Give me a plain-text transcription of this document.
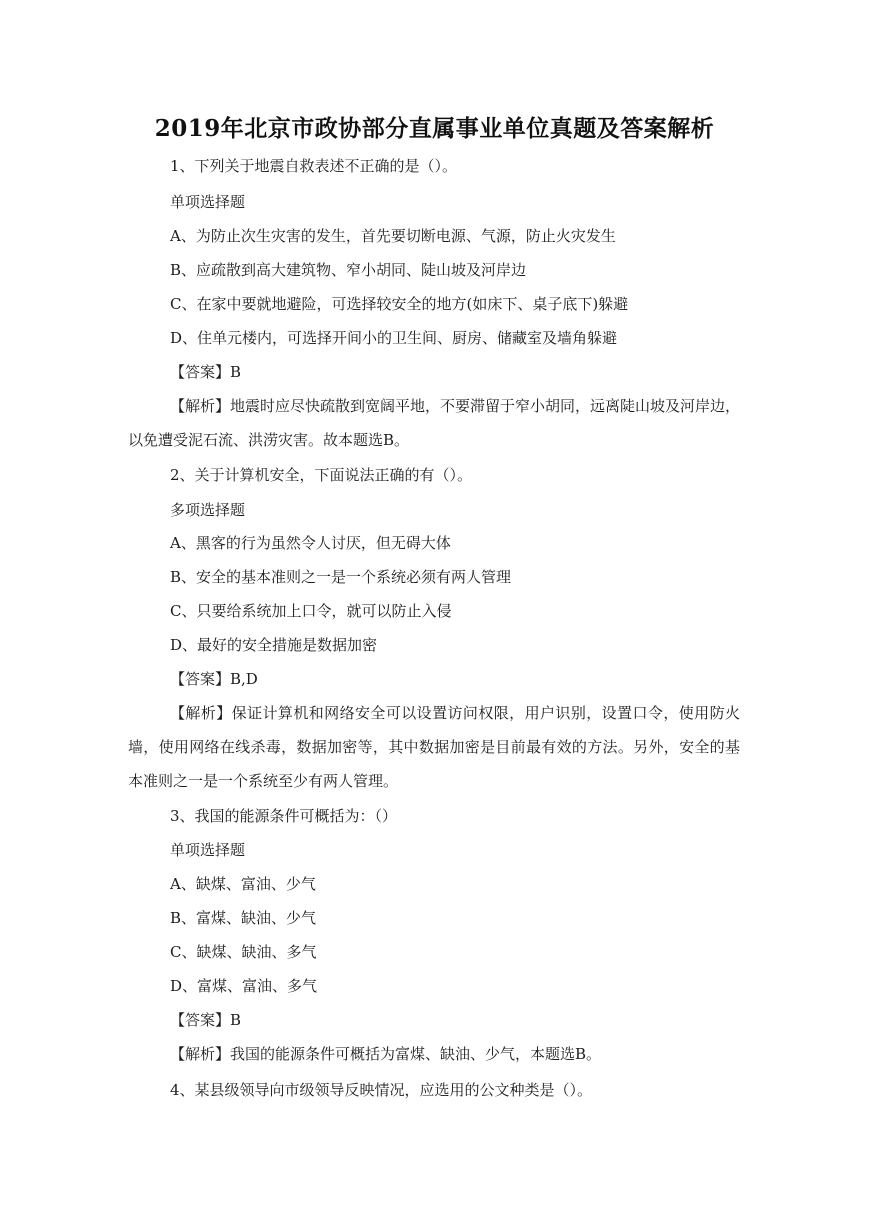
2019年北京市政协部分直属事业单位真题及答案解析
1、下列关于地震自救表述不正确的是（）。
单项选择题
A、为防止次生灾害的发生，首先要切断电源、气源，防止火灾发生
B、应疏散到高大建筑物、窄小胡同、陡山坡及河岸边
C、在家中要就地避险，可选择较安全的地方(如床下、桌子底下)躲避
D、住单元楼内，可选择开间小的卫生间、厨房、储藏室及墙角躲避
【答案】B
【解析】地震时应尽快疏散到宽阔平地，不要滞留于窄小胡同，远离陡山坡及河岸边，以免遭受泥石流、洪涝灾害。故本题选B。
2、关于计算机安全，下面说法正确的有（）。
多项选择题
A、黑客的行为虽然令人讨厌，但无碍大体
B、安全的基本准则之一是一个系统必须有两人管理
C、只要给系统加上口令，就可以防止入侵
D、最好的安全措施是数据加密
【答案】B,D
【解析】保证计算机和网络安全可以设置访问权限，用户识别，设置口令，使用防火墙，使用网络在线杀毒，数据加密等，其中数据加密是目前最有效的方法。另外，安全的基本准则之一是一个系统至少有两人管理。
3、我国的能源条件可概括为：（）
单项选择题
A、缺煤、富油、少气
B、富煤、缺油、少气
C、缺煤、缺油、多气
D、富煤、富油、多气
【答案】B
【解析】我国的能源条件可概括为富煤、缺油、少气，本题选B。
4、某县级领导向市级领导反映情况，应选用的公文种类是（）。
